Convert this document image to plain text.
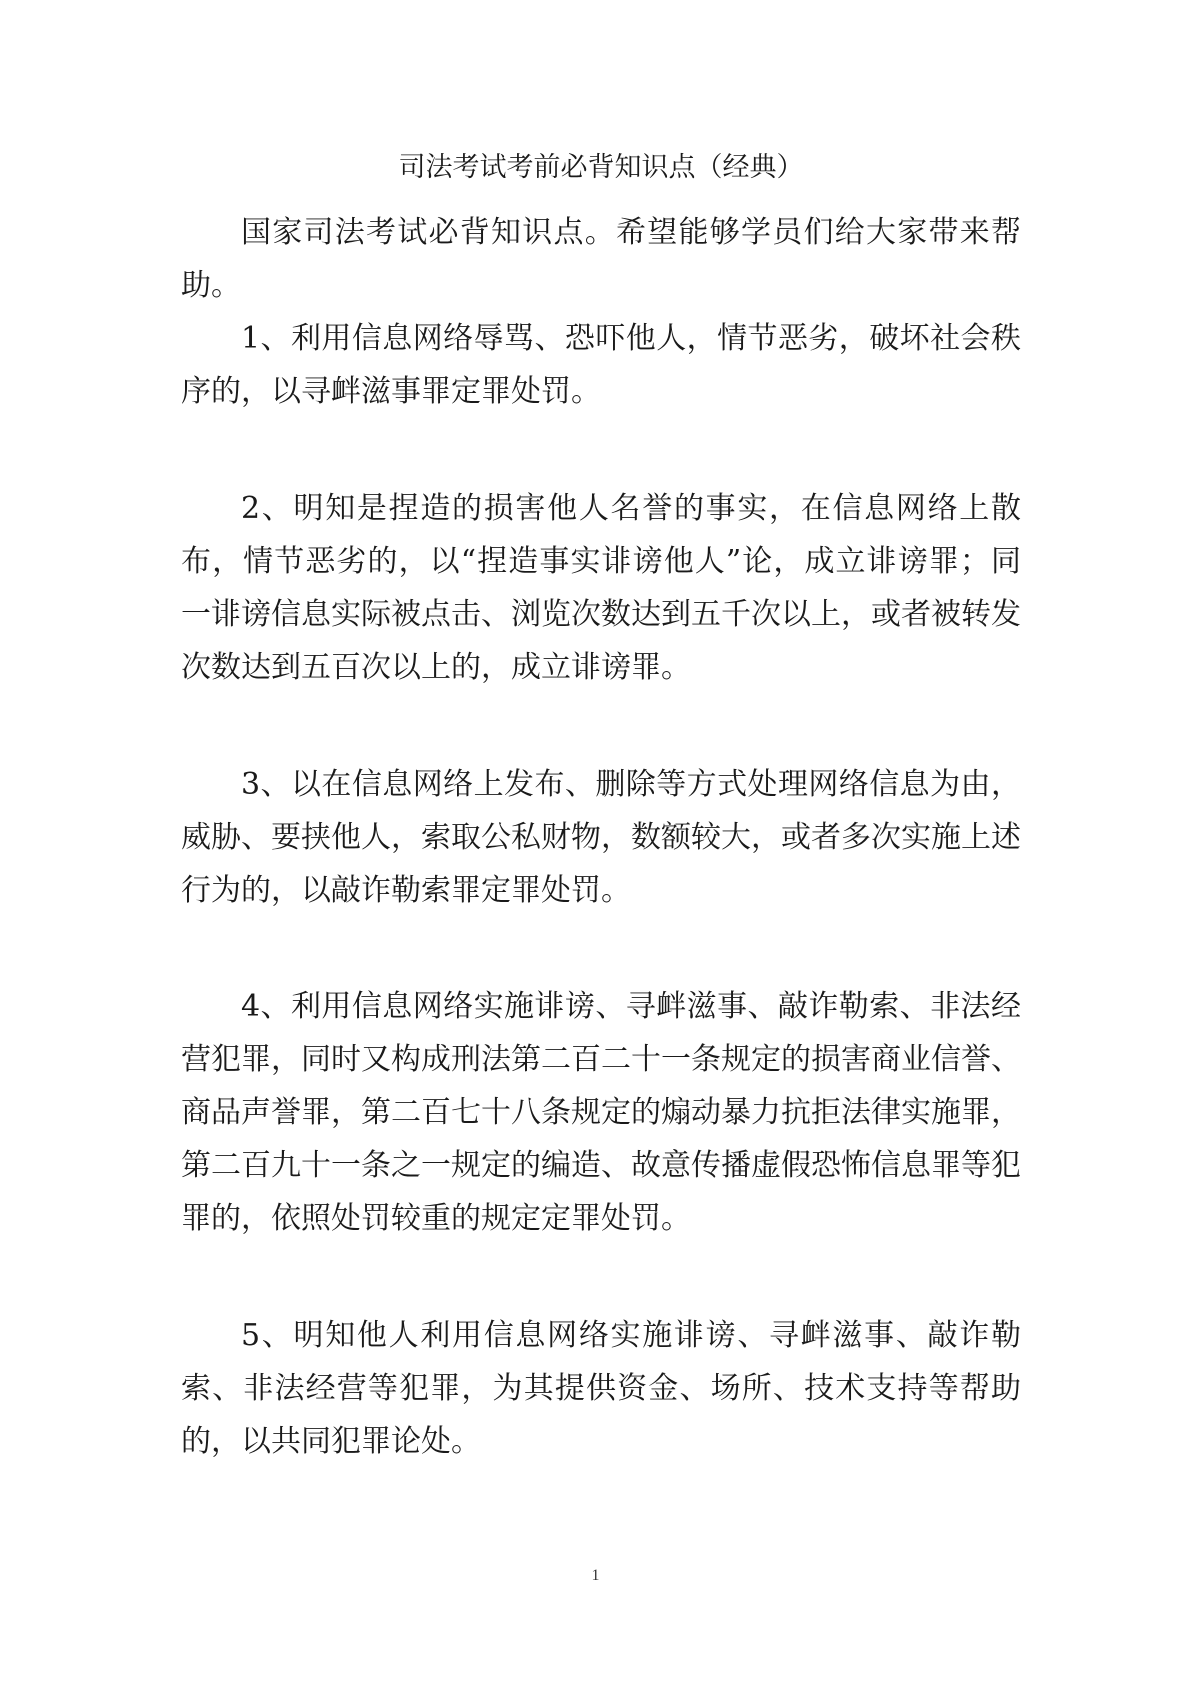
司法考试考前必背知识点（经典）

国家司法考试必背知识点。希望能够学员们给大家带来帮助。

1、利用信息网络辱骂、恐吓他人，情节恶劣，破坏社会秩序的，以寻衅滋事罪定罪处罚。

2、明知是捏造的损害他人名誉的事实，在信息网络上散布，情节恶劣的，以“捏造事实诽谤他人”论，成立诽谤罪；同一诽谤信息实际被点击、浏览次数达到五千次以上，或者被转发次数达到五百次以上的，成立诽谤罪。

3、以在信息网络上发布、删除等方式处理网络信息为由，威胁、要挟他人，索取公私财物，数额较大，或者多次实施上述行为的，以敲诈勒索罪定罪处罚。

4、利用信息网络实施诽谤、寻衅滋事、敲诈勒索、非法经营犯罪，同时又构成刑法第二百二十一条规定的损害商业信誉、商品声誉罪，第二百七十八条规定的煽动暴力抗拒法律实施罪，第二百九十一条之一规定的编造、故意传播虚假恐怖信息罪等犯罪的，依照处罚较重的规定定罪处罚。

5、明知他人利用信息网络实施诽谤、寻衅滋事、敲诈勒索、非法经营等犯罪，为其提供资金、场所、技术支持等帮助的，以共同犯罪论处。

1
